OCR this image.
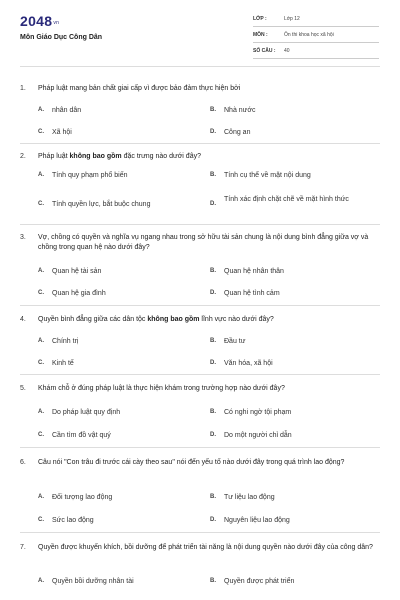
$2048^{vn}$
Môn Giáo Dục Công Dân
LỚP :	Lớp 12
MÔN :	Ôn thi khoa học xã hội
SỐ CÂU : 40
1. Pháp luật mang bản chất giai cấp vì được bảo đảm thực hiện bởi
A. nhân dân	B. Nhà nước
C. Xã hội	D. Công an
2. Pháp luật không bao gồm đặc trưng nào dưới đây?
A. Tính quy phạm phổ biến	B. Tính cụ thể về mặt nội dung
C. Tính quyền lực, bắt buộc chung	D.
Tính xác định chặt chẽ về mặt hình thức
3. Vợ, chồng có quyền và nghĩa vụ ngang nhau trong sở hữu tài sản chung là nội dung bình đẳng giữa vợ và chồng trong quan hệ nào dưới đây?
A. Quan hệ tài sản	B. Quan hệ nhân thân
C. Quan hệ gia đình	D. Quan hệ tình cảm
4. Quyền bình đẳng giữa các dân tộc không bao gồm lĩnh vực nào dưới đây?
A. Chính trị	B. Đầu tư
C. Kinh tế	D. Văn hóa, xã hội
5. Khám chỗ ở đúng pháp luật là thực hiện khám trong trường hợp nào dưới đây?
A. Do pháp luật quy định	B. Có nghi ngờ tội phạm
C. Cần tìm đồ vật quý	D. Do một người chỉ dẫn
6. Câu nói "Con trâu đi trước cái cày theo sau" nói đến yếu tố nào dưới đây trong quá trình lao động?
A. Đối tượng lao động	B. Tư liệu lao động
C. Sức lao động	D. Nguyên liệu lao động
7. Quyền được khuyến khích, bồi dưỡng để phát triển tài năng là nội dung quyền nào dưới đây của công dân?
A. Quyền bồi dưỡng nhân tài	B. Quyền được phát triển
